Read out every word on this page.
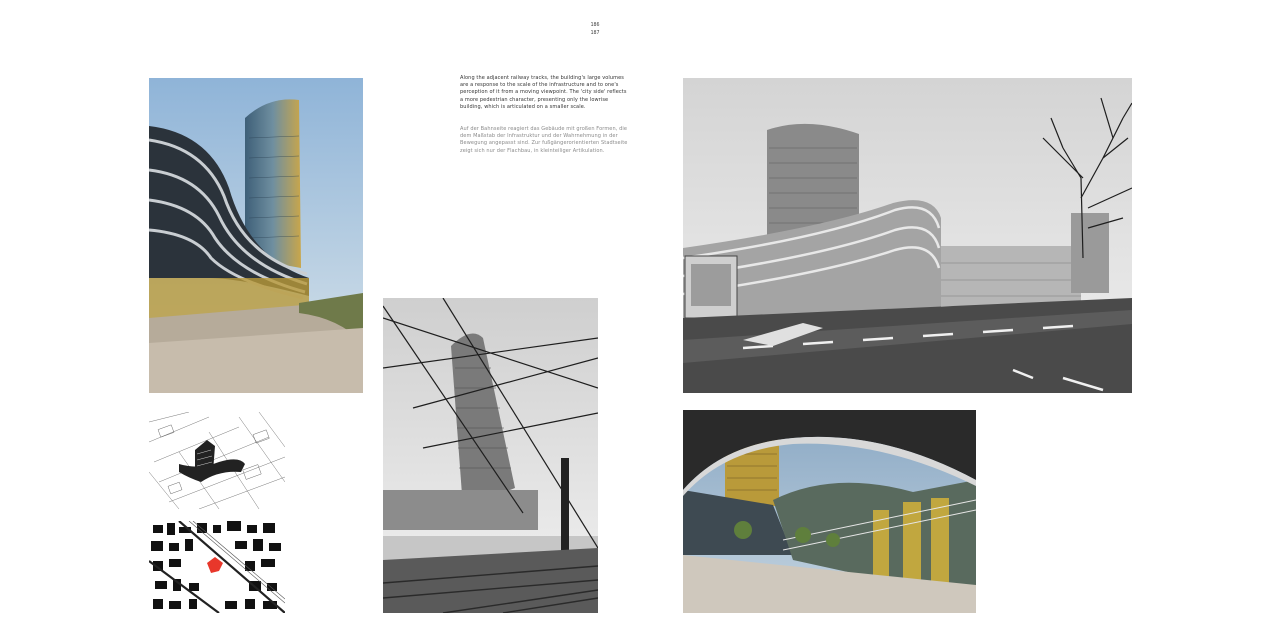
186
187
Along the adjacent railway tracks, the building's large volumes are a response to the scale of the infrastructure and to one's perception of it from a moving viewpoint. The 'city side' reflects a more pedestrian character, presenting only the lowrise building, which is articulated on a smaller scale.
Auf der Bahnseite reagiert das Gebäude mit großen Formen, die dem Maßstab der Infrastruktur und der Wahrnehmung in der Bewegung angepasst sind. Zur fußgängerorientierten Stadtseite zeigt sich nur der Flachbau, in kleinteiliger Artikulation.
